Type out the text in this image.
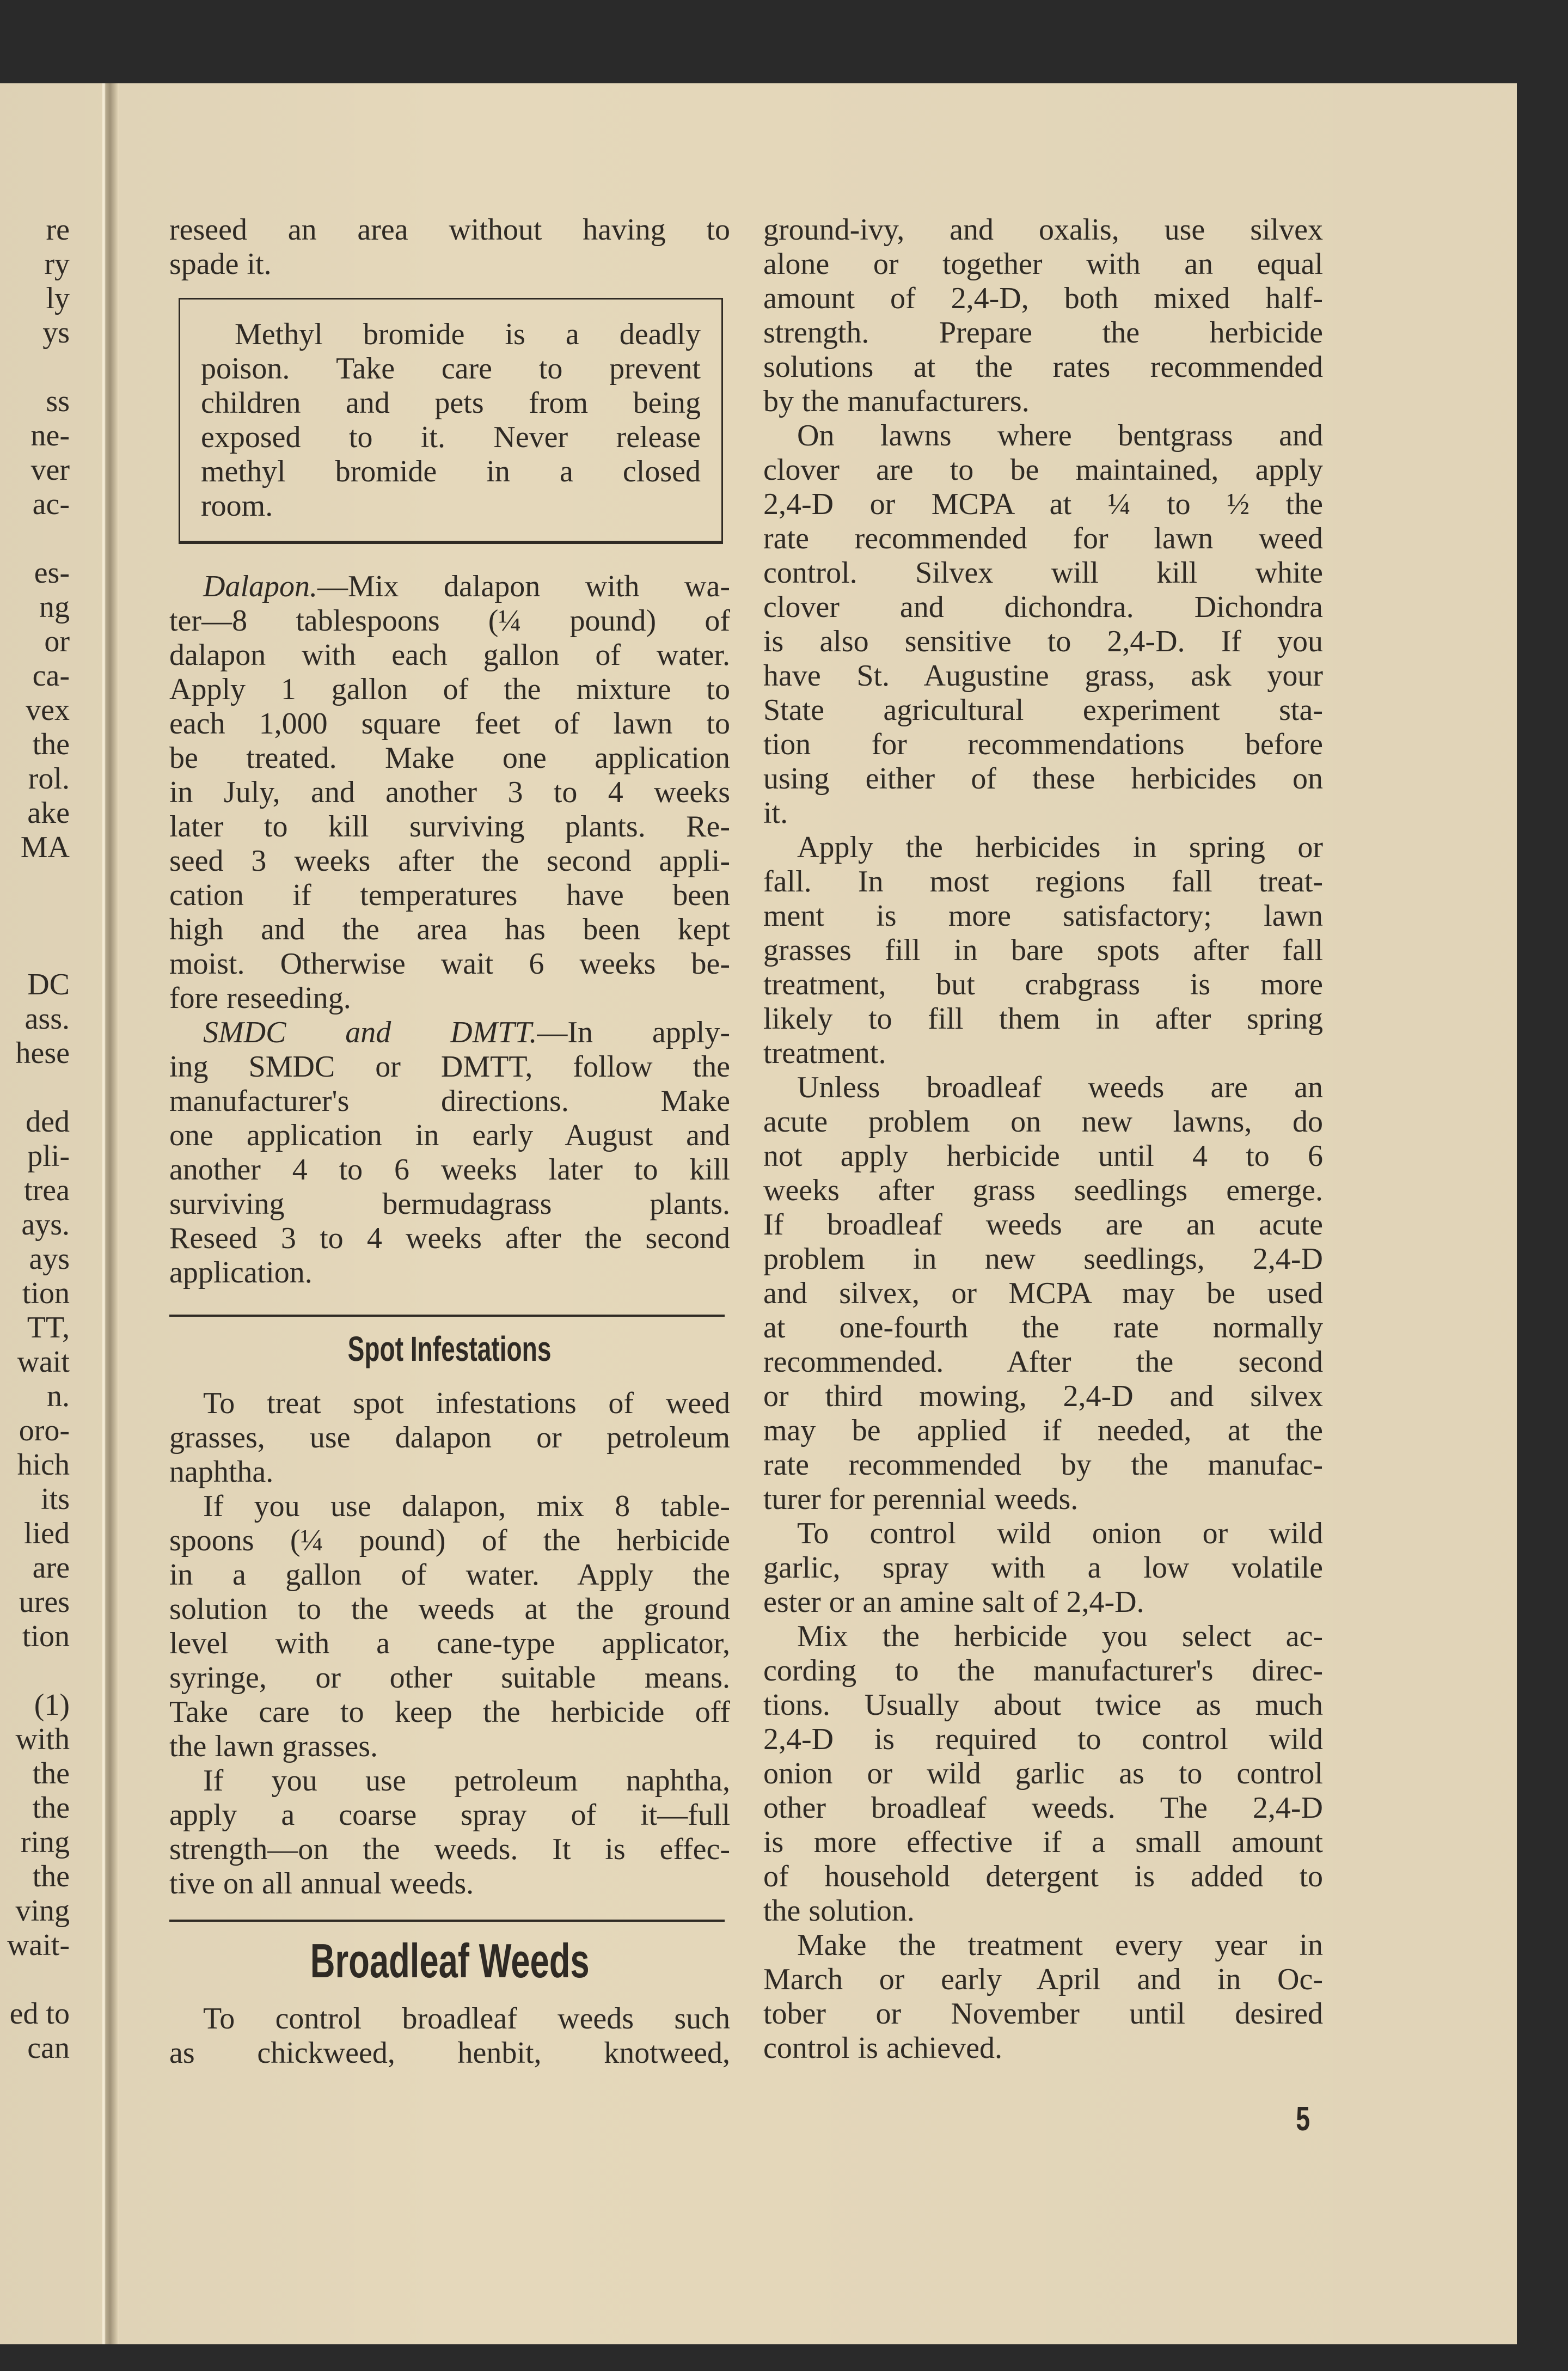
re
ry
ly
ys
ss
ne-
ver
ac-
es-
ng
or
ca-
vex
the
rol.
ake
MA
DC
ass.
hese
ded
pli-
trea
ays.
ays
tion
TT,
wait
n.
oro-
hich
its
lied
are
ures
tion
(1)
with
the
the
ring
the
ving
wait-
ed to
can
reseed an area without having to
spade it.
Methyl bromide is a deadly
poison. Take care to prevent
children and pets from being
exposed to it. Never release
methyl bromide in a closed
room.
Dalapon.—Mix dalapon with wa-
ter—8 tablespoons (¼ pound) of
dalapon with each gallon of water.
Apply 1 gallon of the mixture to
each 1,000 square feet of lawn to
be treated. Make one application
in July, and another 3 to 4 weeks
later to kill surviving plants. Re-
seed 3 weeks after the second appli-
cation if temperatures have been
high and the area has been kept
moist. Otherwise wait 6 weeks be-
fore reseeding.
SMDC and DMTT.—In apply-
ing SMDC or DMTT, follow the
manufacturer's directions. Make
one application in early August and
another 4 to 6 weeks later to kill
surviving bermudagrass plants.
Reseed 3 to 4 weeks after the second
application.
Spot Infestations
To treat spot infestations of weed
grasses, use dalapon or petroleum
naphtha.
If you use dalapon, mix 8 table-
spoons (¼ pound) of the herbicide
in a gallon of water. Apply the
solution to the weeds at the ground
level with a cane-type applicator,
syringe, or other suitable means.
Take care to keep the herbicide off
the lawn grasses.
If you use petroleum naphtha,
apply a coarse spray of it—full
strength—on the weeds. It is effec-
tive on all annual weeds.
Broadleaf Weeds
To control broadleaf weeds such
as chickweed, henbit, knotweed,
ground-ivy, and oxalis, use silvex
alone or together with an equal
amount of 2,4-D, both mixed half-
strength. Prepare the herbicide
solutions at the rates recommended
by the manufacturers.
On lawns where bentgrass and
clover are to be maintained, apply
2,4-D or MCPA at ¼ to ½ the
rate recommended for lawn weed
control. Silvex will kill white
clover and dichondra. Dichondra
is also sensitive to 2,4-D. If you
have St. Augustine grass, ask your
State agricultural experiment sta-
tion for recommendations before
using either of these herbicides on
it.
Apply the herbicides in spring or
fall. In most regions fall treat-
ment is more satisfactory; lawn
grasses fill in bare spots after fall
treatment, but crabgrass is more
likely to fill them in after spring
treatment.
Unless broadleaf weeds are an
acute problem on new lawns, do
not apply herbicide until 4 to 6
weeks after grass seedlings emerge.
If broadleaf weeds are an acute
problem in new seedlings, 2,4-D
and silvex, or MCPA may be used
at one-fourth the rate normally
recommended. After the second
or third mowing, 2,4-D and silvex
may be applied if needed, at the
rate recommended by the manufac-
turer for perennial weeds.
To control wild onion or wild
garlic, spray with a low volatile
ester or an amine salt of 2,4-D.
Mix the herbicide you select ac-
cording to the manufacturer's direc-
tions. Usually about twice as much
2,4-D is required to control wild
onion or wild garlic as to control
other broadleaf weeds. The 2,4-D
is more effective if a small amount
of household detergent is added to
the solution.
Make the treatment every year in
March or early April and in Oc-
tober or November until desired
control is achieved.
5
